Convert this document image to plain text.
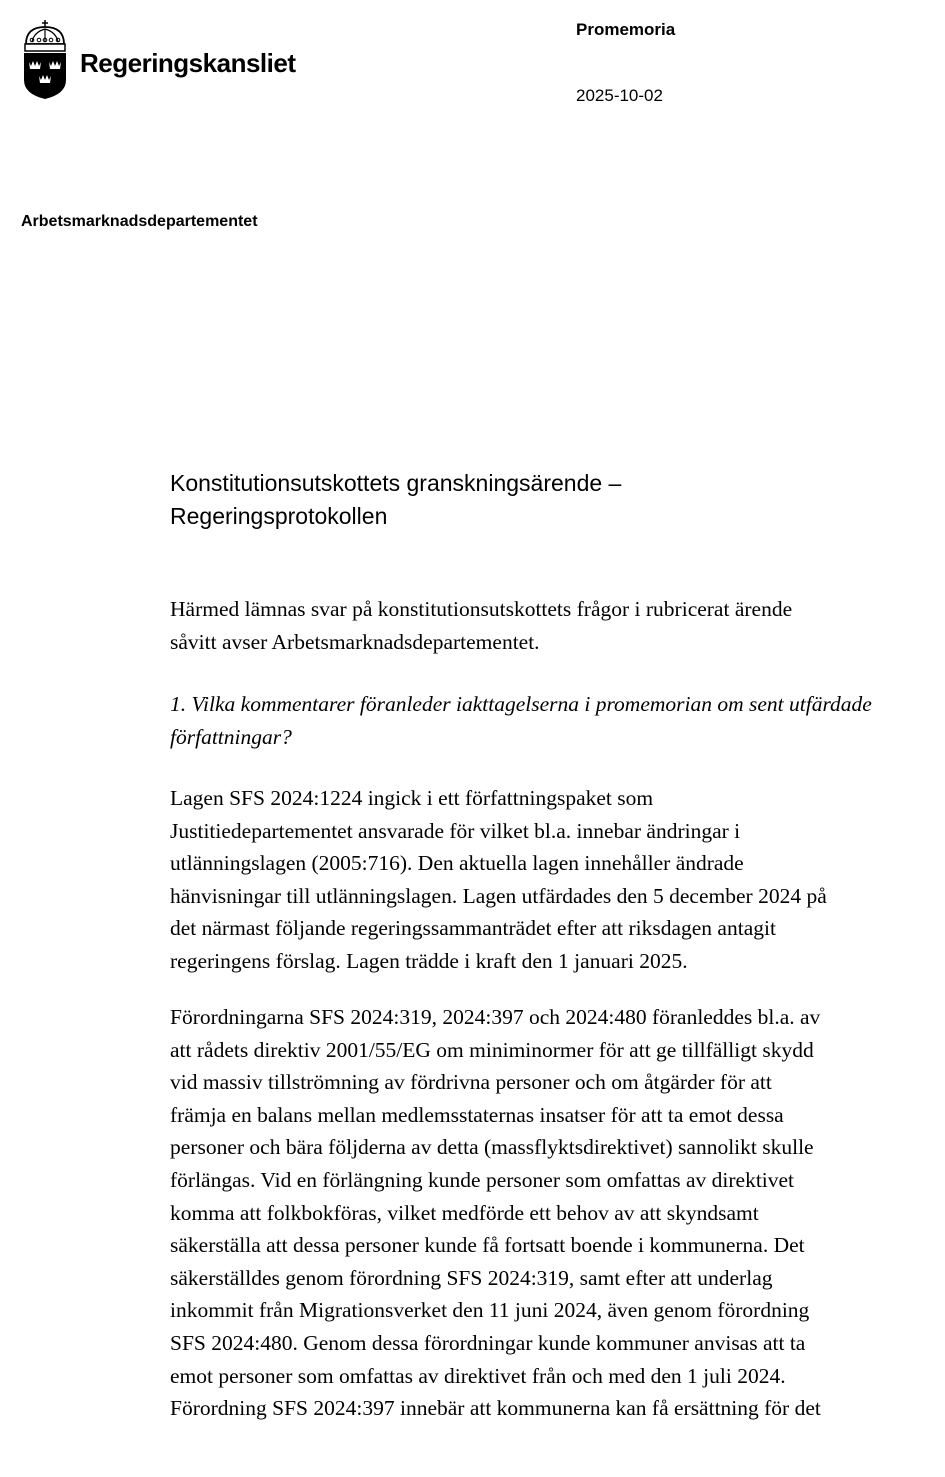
Regeringskansliet
Promemoria
2025-10-02
Arbetsmarknadsdepartementet
Konstitutionsutskottets granskningsärende –
Regeringsprotokollen

Härmed lämnas svar på konstitutionsutskottets frågor i rubricerat ärende
såvitt avser Arbetsmarknadsdepartementet.

1. Vilka kommentarer föranleder iakttagelserna i promemorian om sent utfärdade
författningar?

Lagen SFS 2024:1224 ingick i ett författningspaket som
Justitiedepartementet ansvarade för vilket bl.a. innebar ändringar i
utlänningslagen (2005:716). Den aktuella lagen innehåller ändrade
hänvisningar till utlänningslagen. Lagen utfärdades den 5 december 2024 på
det närmast följande regeringssammanträdet efter att riksdagen antagit
regeringens förslag. Lagen trädde i kraft den 1 januari 2025.

Förordningarna SFS 2024:319, 2024:397 och 2024:480 föranleddes bl.a. av
att rådets direktiv 2001/55/EG om miniminormer för att ge tillfälligt skydd
vid massiv tillströmning av fördrivna personer och om åtgärder för att
främja en balans mellan medlemsstaternas insatser för att ta emot dessa
personer och bära följderna av detta (massflyktsdirektivet) sannolikt skulle
förlängas. Vid en förlängning kunde personer som omfattas av direktivet
komma att folkbokföras, vilket medförde ett behov av att skyndsamt
säkerställa att dessa personer kunde få fortsatt boende i kommunerna. Det
säkerställdes genom förordning SFS 2024:319, samt efter att underlag
inkommit från Migrationsverket den 11 juni 2024, även genom förordning
SFS 2024:480. Genom dessa förordningar kunde kommuner anvisas att ta
emot personer som omfattas av direktivet från och med den 1 juli 2024.
Förordning SFS 2024:397 innebär att kommunerna kan få ersättning för det
